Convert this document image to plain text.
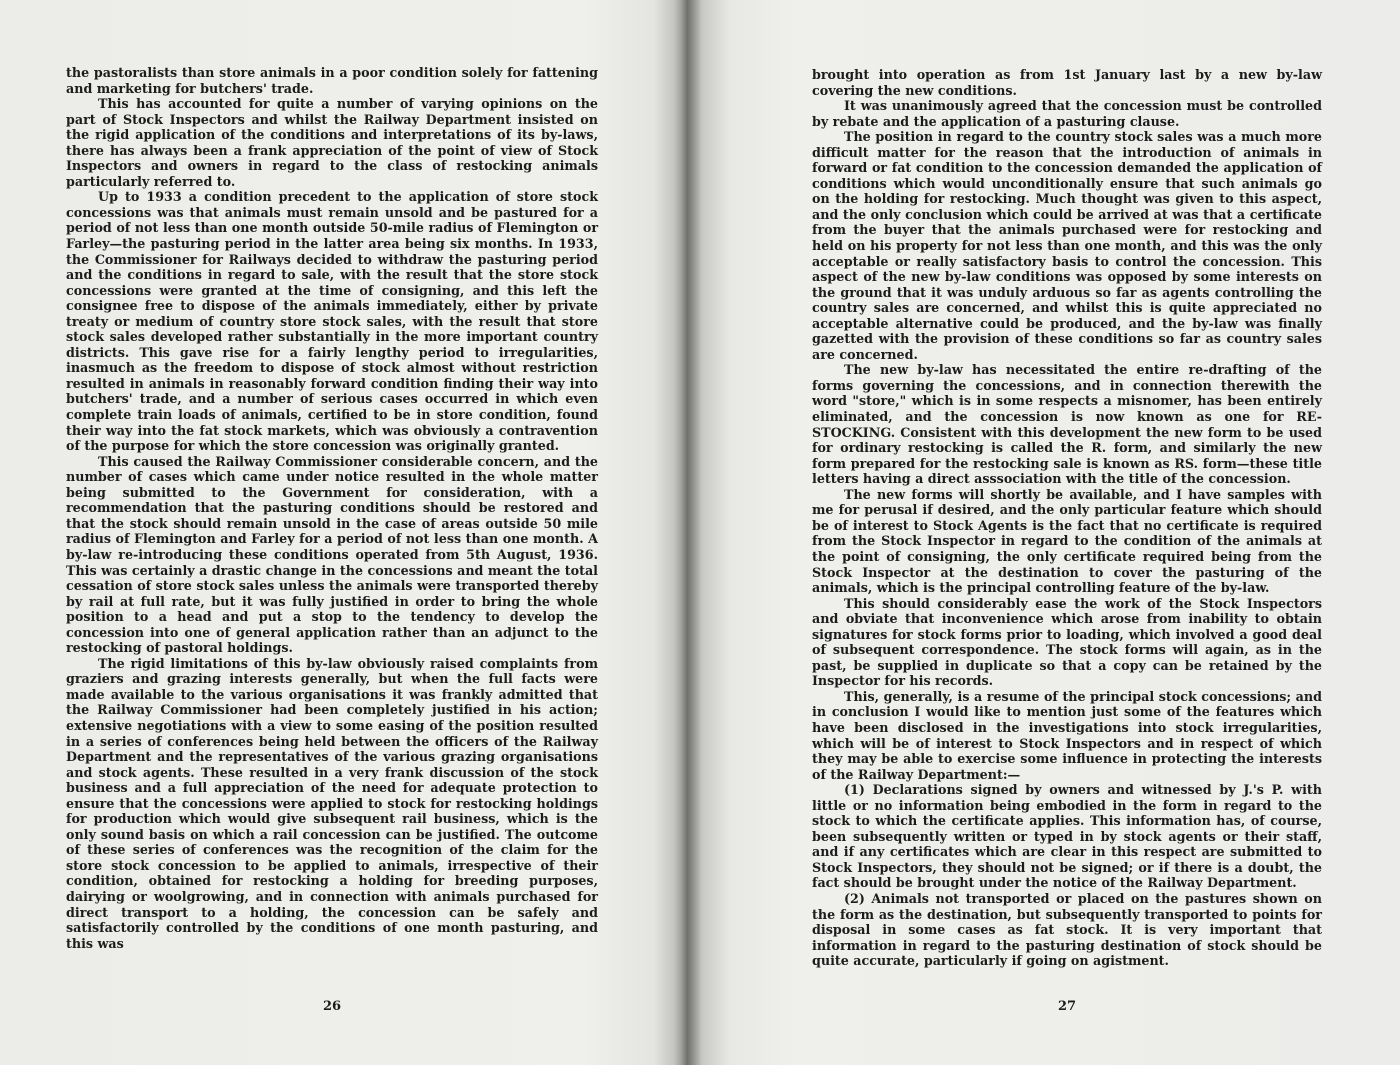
the pastoralists than store animals in a poor condition solely for fattening and marketing for butchers' trade.

This has accounted for quite a number of varying opinions on the part of Stock Inspectors and whilst the Railway Department insisted on the rigid application of the conditions and interpretations of its by-laws, there has always been a frank appreciation of the point of view of Stock Inspectors and owners in regard to the class of restocking animals particularly referred to.

Up to 1933 a condition precedent to the application of store stock concessions was that animals must remain unsold and be pastured for a period of not less than one month outside 50-mile radius of Flemington or Farley—the pasturing period in the latter area being six months. In 1933, the Commissioner for Railways decided to withdraw the pasturing period and the conditions in regard to sale, with the result that the store stock concessions were granted at the time of consigning, and this left the consignee free to dispose of the animals immediately, either by private treaty or medium of country store stock sales, with the result that store stock sales developed rather substantially in the more important country districts. This gave rise for a fairly lengthy period to irregularities, inasmuch as the freedom to dispose of stock almost without restriction resulted in animals in reasonably forward condition finding their way into butchers' trade, and a number of serious cases occurred in which even complete train loads of animals, certified to be in store condition, found their way into the fat stock markets, which was obviously a contravention of the purpose for which the store concession was originally granted.

This caused the Railway Commissioner considerable concern, and the number of cases which came under notice resulted in the whole matter being submitted to the Government for consideration, with a recommendation that the pasturing conditions should be restored and that the stock should remain unsold in the case of areas outside 50 mile radius of Flemington and Farley for a period of not less than one month. A by-law re-introducing these conditions operated from 5th August, 1936. This was certainly a drastic change in the concessions and meant the total cessation of store stock sales unless the animals were transported thereby by rail at full rate, but it was fully justified in order to bring the whole position to a head and put a stop to the tendency to develop the concession into one of general application rather than an adjunct to the restocking of pastoral holdings.

The rigid limitations of this by-law obviously raised complaints from graziers and grazing interests generally, but when the full facts were made available to the various organisations it was frankly admitted that the Railway Commissioner had been completely justified in his action; extensive negotiations with a view to some easing of the position resulted in a series of conferences being held between the officers of the Railway Department and the representatives of the various grazing organisations and stock agents. These resulted in a very frank discussion of the stock business and a full appreciation of the need for adequate protection to ensure that the concessions were applied to stock for restocking holdings for production which would give subsequent rail business, which is the only sound basis on which a rail concession can be justified. The outcome of these series of conferences was the recognition of the claim for the store stock concession to be applied to animals, irrespective of their condition, obtained for restocking a holding for breeding purposes, dairying or woolgrowing, and in connection with animals purchased for direct transport to a holding, the concession can be safely and satisfactorily controlled by the conditions of one month pasturing, and this was

26

brought into operation as from 1st January last by a new by-law covering the new conditions.

It was unanimously agreed that the concession must be controlled by rebate and the application of a pasturing clause.

The position in regard to the country stock sales was a much more difficult matter for the reason that the introduction of animals in forward or fat condition to the concession demanded the application of conditions which would unconditionally ensure that such animals go on the holding for restocking. Much thought was given to this aspect, and the only conclusion which could be arrived at was that a certificate from the buyer that the animals purchased were for restocking and held on his property for not less than one month, and this was the only acceptable or really satisfactory basis to control the concession. This aspect of the new by-law conditions was opposed by some interests on the ground that it was unduly arduous so far as agents controlling the country sales are concerned, and whilst this is quite appreciated no acceptable alternative could be produced, and the by-law was finally gazetted with the provision of these conditions so far as country sales are concerned.

The new by-law has necessitated the entire re-drafting of the forms governing the concessions, and in connection therewith the word "store," which is in some respects a misnomer, has been entirely eliminated, and the concession is now known as one for RE-STOCKING. Consistent with this development the new form to be used for ordinary restocking is called the R. form, and similarly the new form prepared for the restocking sale is known as RS. form—these title letters having a direct asssociation with the title of the concession.

The new forms will shortly be available, and I have samples with me for perusal if desired, and the only particular feature which should be of interest to Stock Agents is the fact that no certificate is required from the Stock Inspector in regard to the condition of the animals at the point of consigning, the only certificate required being from the Stock Inspector at the destination to cover the pasturing of the animals, which is the principal controlling feature of the by-law.

This should considerably ease the work of the Stock Inspectors and obviate that inconvenience which arose from inability to obtain signatures for stock forms prior to loading, which involved a good deal of subsequent correspondence. The stock forms will again, as in the past, be supplied in duplicate so that a copy can be retained by the Inspector for his records.

This, generally, is a resume of the principal stock concessions; and in conclusion I would like to mention just some of the features which have been disclosed in the investigations into stock irregularities, which will be of interest to Stock Inspectors and in respect of which they may be able to exercise some influence in protecting the interests of the Railway Department:—

(1) Declarations signed by owners and witnessed by J.'s P. with little or no information being embodied in the form in regard to the stock to which the certificate applies. This information has, of course, been subsequently written or typed in by stock agents or their staff, and if any certificates which are clear in this respect are submitted to Stock Inspectors, they should not be signed; or if there is a doubt, the fact should be brought under the notice of the Railway Department.

(2) Animals not transported or placed on the pastures shown on the form as the destination, but subsequently transported to points for disposal in some cases as fat stock. It is very important that information in regard to the pasturing destination of stock should be quite accurate, particularly if going on agistment.

27
